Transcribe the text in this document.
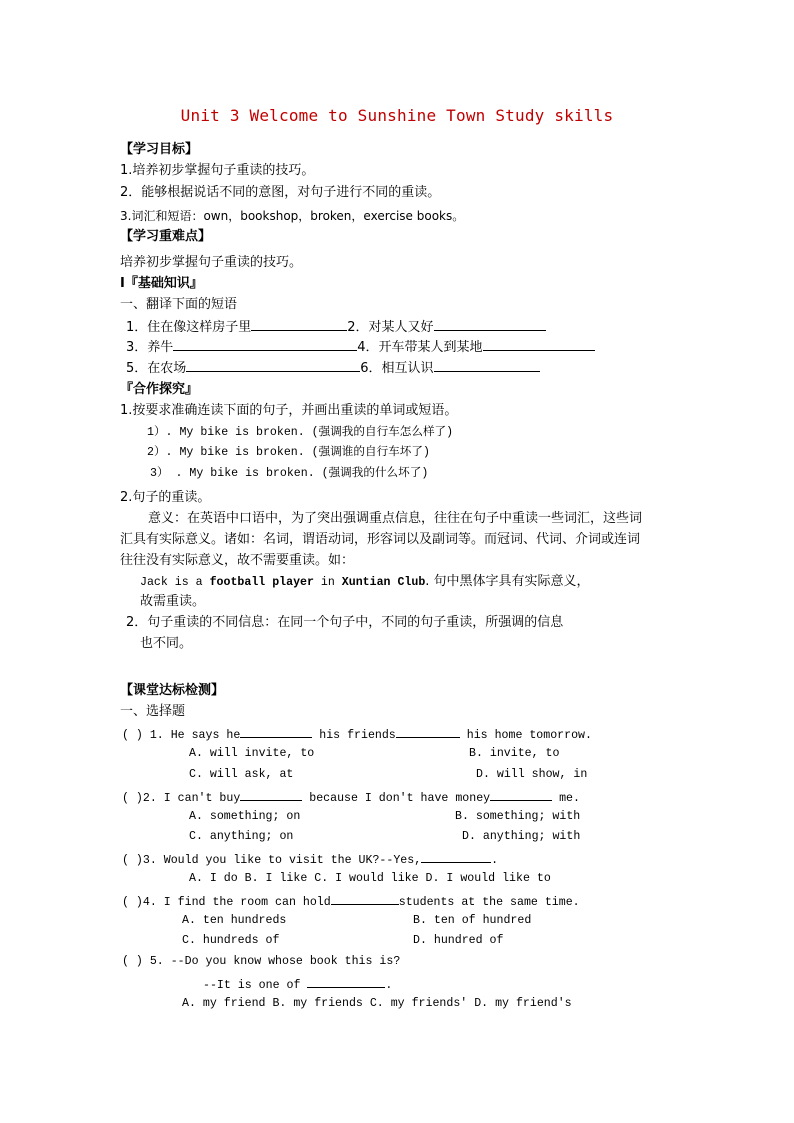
Unit 3 Welcome to Sunshine Town Study skills
【学习目标】
1.培养初步掌握句子重读的技巧。
2．能够根据说话不同的意图，对句子进行不同的重读。
3.词汇和短语：own，bookshop，broken，exercise books。
【学习重难点】
培养初步掌握句子重读的技巧。
Ⅰ『基础知识』
一、翻译下面的短语
1．住在像这样房子里	2．对某人又好
3．养牛	4．开车带某人到某地
5．在农场	6．相互认识
『合作探究』
1.按要求准确连读下面的句子，并画出重读的单词或短语。
1）. My bike is broken. (强调我的自行车怎么样了)
2）. My bike is broken. (强调谁的自行车坏了)
3） . My bike is broken. (强调我的什么坏了)
2.句子的重读。
意义：在英语中口语中，为了突出强调重点信息，往往在句子中重读一些词汇，这些词
汇具有实际意义。诸如：名词，谓语动词，形容词以及副词等。而冠词、代词、介词或连词
往往没有实际意义，故不需要重读。如：
Jack is a football player in Xuntian Club. 句中黑体字具有实际意义，
故需重读。
2．句子重读的不同信息：在同一个句子中，不同的句子重读，所强调的信息
也不同。
【课堂达标检测】
一、选择题
( ) 1. He says he	his friends	his home tomorrow.
A. will invite, to	B. invite, to
C. will ask, at	D. will show, in
( )2. I can't buy	because I don't have money	me.
A. something; on	B. something; with
C. anything; on	D. anything; with
( )3. Would you like to visit the UK?--Yes,	.
A. I do B. I like C. I would like D. I would like to
( )4. I find the room can hold	students at the same time.
A. ten hundreds	B. ten of hundred
C. hundreds of	D. hundred of
( ) 5. --Do you know whose book this is?
--It is one of	.
A. my friend B. my friends C. my friends' D. my friend's
